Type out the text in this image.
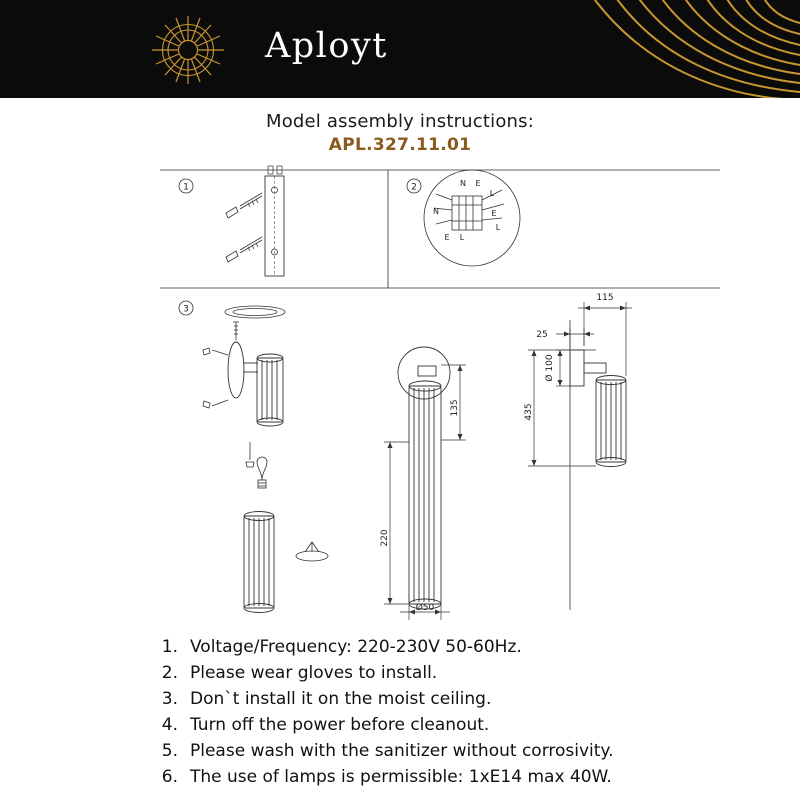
Aployt
Model assembly instructions:
APL.327.11.01
1	2	N E
L
N
E L
E
L
3
135
220
Ø50
115
25
Ø 100
435
1. Voltage/Frequency: 220-230V 50-60Hz.
2. Please wear gloves to install.
3. Don`t install it on the moist ceiling.
4. Turn off the power before cleanout.
5. Please wash with the sanitizer without corrosivity.
6. The use of lamps is permissible: 1xE14 max 40W.
